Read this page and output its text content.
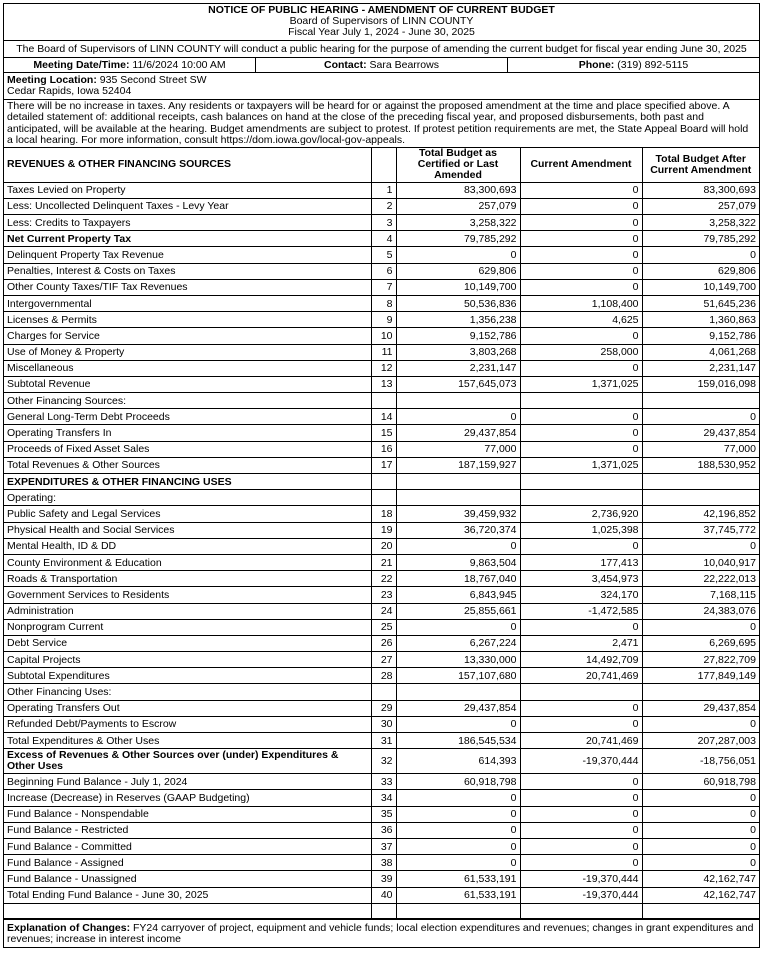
NOTICE OF PUBLIC HEARING - AMENDMENT OF CURRENT BUDGET
Board of Supervisors of LINN COUNTY
Fiscal Year July 1, 2024 - June 30, 2025
The Board of Supervisors of LINN COUNTY will conduct a public hearing for the purpose of amending the current budget for fiscal year ending June 30, 2025
Meeting Date/Time: 11/6/2024 10:00 AM	Contact: Sara Bearrows	Phone: (319) 892-5115
Meeting Location: 935 Second Street SW
Cedar Rapids, Iowa 52404
There will be no increase in taxes. Any residents or taxpayers will be heard for or against the proposed amendment at the time and place specified above. A detailed statement of: additional receipts, cash balances on hand at the close of the preceding fiscal year, and proposed disbursements, both past and anticipated, will be available at the hearing. Budget amendments are subject to protest. If protest petition requirements are met, the State Appeal Board will hold a local hearing. For more information, consult https://dom.iowa.gov/local-gov-appeals.
REVENUES & OTHER FINANCING SOURCES		Total Budget as Certified or Last Amended	Current Amendment	Total Budget After Current Amendment
Taxes Levied on Property	1	83,300,693	0	83,300,693
Less: Uncollected Delinquent Taxes - Levy Year	2	257,079	0	257,079
Less: Credits to Taxpayers	3	3,258,322	0	3,258,322
Net Current Property Tax	4	79,785,292	0	79,785,292
Delinquent Property Tax Revenue	5	0	0	0
Penalties, Interest & Costs on Taxes	6	629,806	0	629,806
Other County Taxes/TIF Tax Revenues	7	10,149,700	0	10,149,700
Intergovernmental	8	50,536,836	1,108,400	51,645,236
Licenses & Permits	9	1,356,238	4,625	1,360,863
Charges for Service	10	9,152,786	0	9,152,786
Use of Money & Property	11	3,803,268	258,000	4,061,268
Miscellaneous	12	2,231,147	0	2,231,147
Subtotal Revenue	13	157,645,073	1,371,025	159,016,098
Other Financing Sources:				
General Long-Term Debt Proceeds	14	0	0	0
Operating Transfers In	15	29,437,854	0	29,437,854
Proceeds of Fixed Asset Sales	16	77,000	0	77,000
Total Revenues & Other Sources	17	187,159,927	1,371,025	188,530,952
EXPENDITURES & OTHER FINANCING USES				
Operating:				
Public Safety and Legal Services	18	39,459,932	2,736,920	42,196,852
Physical Health and Social Services	19	36,720,374	1,025,398	37,745,772
Mental Health, ID & DD	20	0	0	0
County Environment & Education	21	9,863,504	177,413	10,040,917
Roads & Transportation	22	18,767,040	3,454,973	22,222,013
Government Services to Residents	23	6,843,945	324,170	7,168,115
Administration	24	25,855,661	-1,472,585	24,383,076
Nonprogram Current	25	0	0	0
Debt Service	26	6,267,224	2,471	6,269,695
Capital Projects	27	13,330,000	14,492,709	27,822,709
Subtotal Expenditures	28	157,107,680	20,741,469	177,849,149
Other Financing Uses:				
Operating Transfers Out	29	29,437,854	0	29,437,854
Refunded Debt/Payments to Escrow	30	0	0	0
Total Expenditures & Other Uses	31	186,545,534	20,741,469	207,287,003
Excess of Revenues & Other Sources over (under) Expenditures & Other Uses	32	614,393	-19,370,444	-18,756,051
Beginning Fund Balance - July 1, 2024	33	60,918,798	0	60,918,798
Increase (Decrease) in Reserves (GAAP Budgeting)	34	0	0	0
Fund Balance - Nonspendable	35	0	0	0
Fund Balance - Restricted	36	0	0	0
Fund Balance - Committed	37	0	0	0
Fund Balance - Assigned	38	0	0	0
Fund Balance - Unassigned	39	61,533,191	-19,370,444	42,162,747
Total Ending Fund Balance - June 30, 2025	40	61,533,191	-19,370,444	42,162,747

Explanation of Changes: FY24 carryover of project, equipment and vehicle funds; local election expenditures and revenues; changes in grant expenditures and revenues; increase in interest income
